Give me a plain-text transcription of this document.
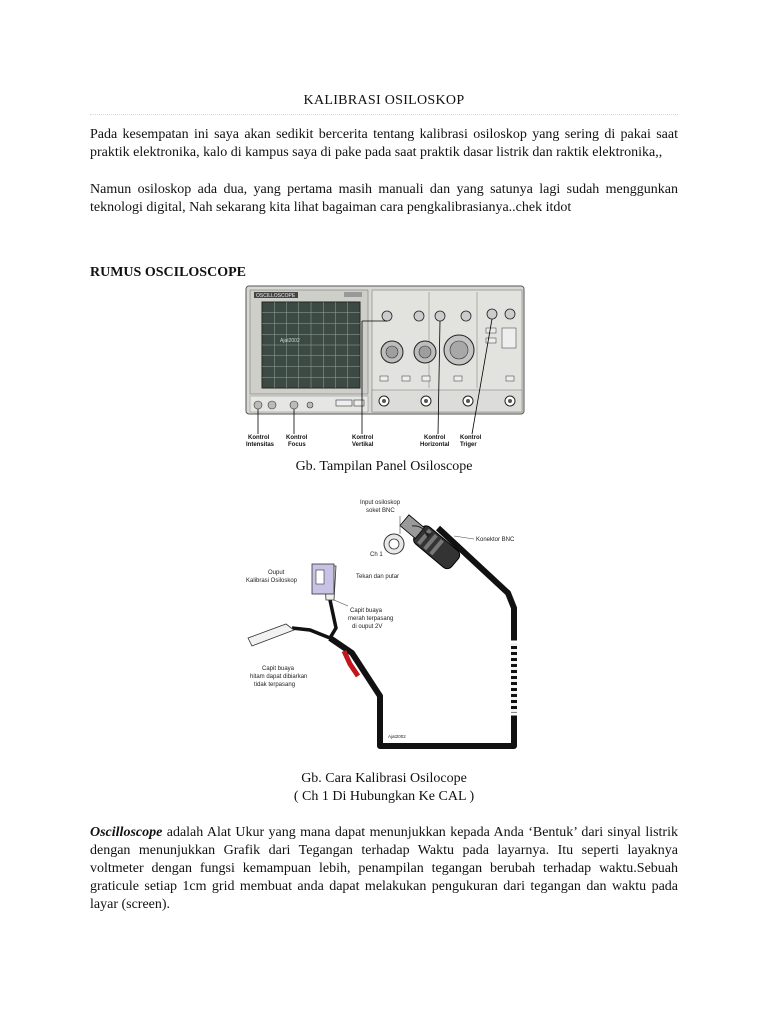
KALIBRASI OSILOSKOP

Pada kesempatan ini saya akan sedikit bercerita tentang kalibrasi osiloskop yang sering di pakai saat praktik elektronika, kalo di kampus saya di pake pada saat praktik dasar listrik dan raktik elektronika,,

Namun osiloskop ada dua, yang pertama masih manuali dan yang satunya lagi sudah menggunkan teknologi digital, Nah sekarang kita lihat bagaiman cara pengkalibrasianya..chek itdot

RUMUS OSCILOSCOPE
OSCILLOSCOPE
Ajat2002
Kontrol
Intensitas
Kontrol
Focus
Kontrol
Vertikal
Kontrol
Horizontal
Kontrol
Triger
Gb. Tampilan Panel Osiloscope
Input osiloskop
soket BNC
Konektor BNC
Ch 1
Tekan dan putar
Ouput
Kalibrasi Osiloskop
Capit buaya
merah terpasang
di ouput 2V
Capit buaya
hitam dapat dibiarkan
tidak terpasang
Ajat2002
Gb. Cara Kalibrasi Osilocope
( Ch 1 Di Hubungkan Ke CAL )

Oscilloscope adalah Alat Ukur yang mana dapat menunjukkan kepada Anda ‘Bentuk’ dari sinyal listrik dengan menunjukkan Grafik dari Tegangan terhadap Waktu pada layarnya. Itu seperti layaknya voltmeter dengan fungsi kemampuan lebih, penampilan tegangan berubah terhadap waktu.Sebuah graticule setiap 1cm grid membuat anda dapat melakukan pengukuran dari tegangan dan waktu pada layar (screen).
